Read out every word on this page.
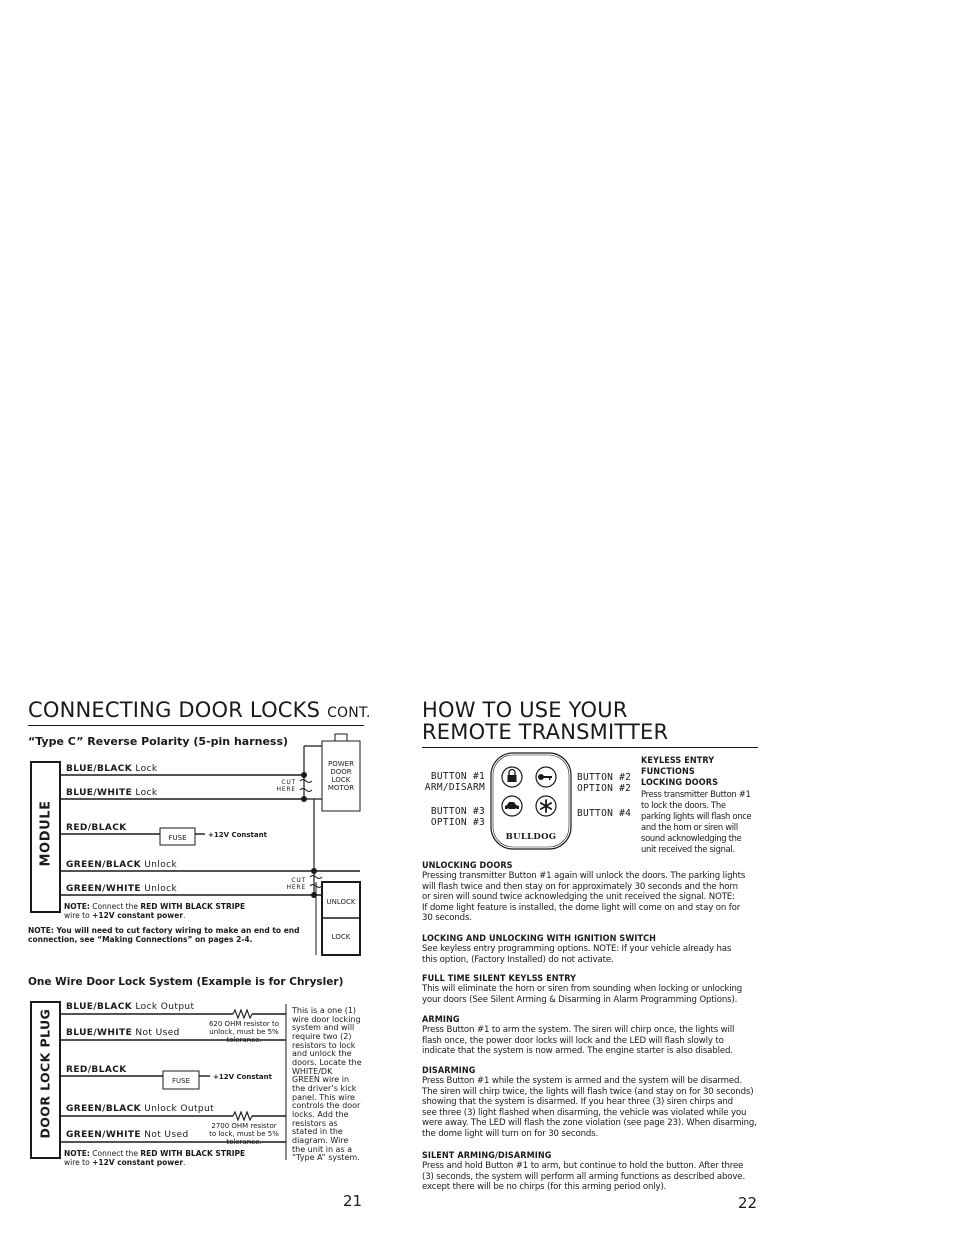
CONNECTING DOOR LOCKS CONT.
“Type C” Reverse Polarity (5-pin harness)
MODULE
BLUE/BLACK Lock
BLUE/WHITE Lock
RED/BLACK
GREEN/BLACK Unlock
GREEN/WHITE Unlock
FUSE	+12V Constant
CUT
HERE
CUT
HERE
POWER
DOOR
LOCK
MOTOR
UNLOCK
LOCK
NOTE: Connect the RED WITH BLACK STRIPE
wire to +12V constant power.
NOTE: You will need to cut factory wiring to make an end to end connection, see “Making Connections” on pages 2-4.
One Wire Door Lock System (Example is for Chrysler)
DOOR LOCK PLUG
BLUE/BLACK Lock Output
BLUE/WHITE Not Used
RED/BLACK
GREEN/BLACK Unlock Output
GREEN/WHITE Not Used
620 OHM resistor to
unlock, must be 5%
tolerance.
2700 OHM resistor
to lock, must be 5%
tolerance.
FUSE	+12V Constant
This is a one (1)
wire door locking
system and will
require two (2)
resistors to lock
and unlock the
doors. Locate the
WHITE/DK
GREEN wire in
the driver’s kick
panel. This wire
controls the door
locks. Add the
resistors as
stated in the
diagram. Wire
the unit in as a
“Type A” system.
NOTE: Connect the RED WITH BLACK STRIPE
wire to +12V constant power.
21
HOW TO USE YOUR
REMOTE TRANSMITTER
BULLDOG
BUTTON #1
ARM/DISARM
BUTTON #2
OPTION #2
BUTTON #3
OPTION #3
BUTTON #4
KEYLESS ENTRY
FUNCTIONS
LOCKING DOORS
Press transmitter Button #1
to lock the doors. The
parking lights will flash once
and the horn or siren will
sound acknowledging the
unit received the signal.
UNLOCKING DOORS
Pressing transmitter Button #1 again will unlock the doors. The parking lights
will flash twice and then stay on for approximately 30 seconds and the horn
or siren will sound twice acknowledging the unit received the signal. NOTE:
If dome light feature is installed, the dome light will come on and stay on for
30 seconds.
LOCKING AND UNLOCKING WITH IGNITION SWITCH
See keyless entry programming options. NOTE: If your vehicle already has
this option, (Factory Installed) do not activate.
FULL TIME SILENT KEYLSS ENTRY
This will eliminate the horn or siren from sounding when locking or unlocking
your doors (See Silent Arming & Disarming in Alarm Programming Options).
ARMING
Press Button #1 to arm the system. The siren will chirp once, the lights will
flash once, the power door locks will lock and the LED will flash slowly to
indicate that the system is now armed. The engine starter is also disabled.
DISARMING
Press Button #1 while the system is armed and the system will be disarmed.
The siren will chirp twice, the lights will flash twice (and stay on for 30 seconds)
showing that the system is disarmed. If you hear three (3) siren chirps and
see three (3) light flashed when disarming, the vehicle was violated while you
were away. The LED will flash the zone violation (see page 23). When disarming,
the dome light will turn on for 30 seconds.
SILENT ARMING/DISARMING
Press and hold Button #1 to arm, but continue to hold the button. After three
(3) seconds, the system will perform all arming functions as described above.
except there will be no chirps (for this arming period only).
22
